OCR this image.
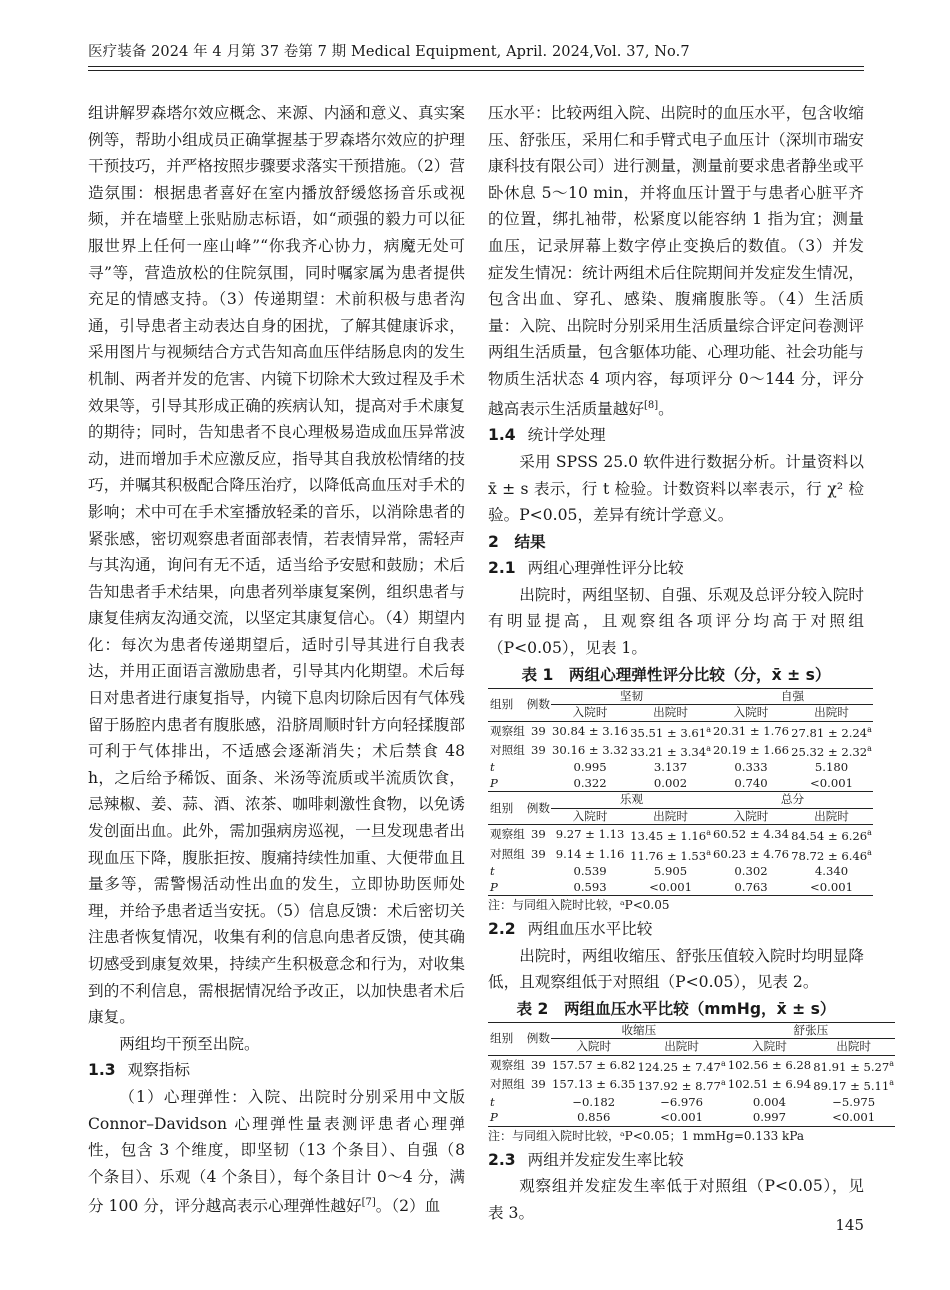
医疗装备 2024 年 4 月第 37 卷第 7 期 Medical Equipment, April. 2024,Vol. 37, No.7

组讲解罗森塔尔效应概念、来源、内涵和意义、真实案例等，帮助小组成员正确掌握基于罗森塔尔效应的护理干预技巧，并严格按照步骤要求落实干预措施。（2）营造氛围：根据患者喜好在室内播放舒缓悠扬音乐或视频，并在墙壁上张贴励志标语，如“顽强的毅力可以征服世界上任何一座山峰”“你我齐心协力，病魔无处可寻”等，营造放松的住院氛围，同时嘱家属为患者提供充足的情感支持。（3）传递期望：术前积极与患者沟通，引导患者主动表达自身的困扰，了解其健康诉求，采用图片与视频结合方式告知高血压伴结肠息肉的发生机制、两者并发的危害、内镜下切除术大致过程及手术效果等，引导其形成正确的疾病认知，提高对手术康复的期待；同时，告知患者不良心理极易造成血压异常波动，进而增加手术应激反应，指导其自我放松情绪的技巧，并嘱其积极配合降压治疗，以降低高血压对手术的影响；术中可在手术室播放轻柔的音乐，以消除患者的紧张感，密切观察患者面部表情，若表情异常，需轻声与其沟通，询问有无不适，适当给予安慰和鼓励；术后告知患者手术结果，向患者列举康复案例，组织患者与康复佳病友沟通交流，以坚定其康复信心。（4）期望内化：每次为患者传递期望后，适时引导其进行自我表达，并用正面语言激励患者，引导其内化期望。术后每日对患者进行康复指导，内镜下息肉切除后因有气体残留于肠腔内患者有腹胀感，沿脐周顺时针方向轻揉腹部可利于气体排出，不适感会逐渐消失；术后禁食 48 h，之后给予稀饭、面条、米汤等流质或半流质饮食，忌辣椒、姜、蒜、酒、浓茶、咖啡刺激性食物，以免诱发创面出血。此外，需加强病房巡视，一旦发现患者出现血压下降，腹胀拒按、腹痛持续性加重、大便带血且量多等，需警惕活动性出血的发生，立即协助医师处理，并给予患者适当安抚。（5）信息反馈：术后密切关注患者恢复情况，收集有利的信息向患者反馈，使其确切感受到康复效果，持续产生积极意念和行为，对收集到的不利信息，需根据情况给予改正，以加快患者术后康复。

两组均干预至出院。

1.3 观察指标

（1）心理弹性：入院、出院时分别采用中文版 Connor–Davidson 心理弹性量表测评患者心理弹性，包含 3 个维度，即坚韧（13 个条目）、自强（8 个条目）、乐观（4 个条目），每个条目计 0～4 分，满分 100 分，评分越高表示心理弹性越好[7]。（2）血

压水平：比较两组入院、出院时的血压水平，包含收缩压、舒张压，采用仁和手臂式电子血压计（深圳市瑞安康科技有限公司）进行测量，测量前要求患者静坐或平卧休息 5～10 min，并将血压计置于与患者心脏平齐的位置，绑扎袖带，松紧度以能容纳 1 指为宜；测量血压，记录屏幕上数字停止变换后的数值。（3）并发症发生情况：统计两组术后住院期间并发症发生情况，包含出血、穿孔、感染、腹痛腹胀等。（4）生活质量：入院、出院时分别采用生活质量综合评定问卷测评两组生活质量，包含躯体功能、心理功能、社会功能与物质生活状态 4 项内容，每项评分 0～144 分，评分越高表示生活质量越好[8]。

1.4 统计学处理

采用 SPSS 25.0 软件进行数据分析。计量资料以 x̄ ± s 表示，行 t 检验。计数资料以率表示，行 χ² 检验。P<0.05，差异有统计学意义。

2　结果

2.1 两组心理弹性评分比较

出院时，两组坚韧、自强、乐观及总评分较入院时有明显提高，且观察组各项评分均高于对照组（P<0.05），见表 1。

表 1　两组心理弹性评分比较（分，x̄ ± s）
组别	例数	坚韧		自强	
		入院时	出院时	入院时	出院时
观察组	39	30.84 ± 3.16	35.51 ± 3.61$^a$	20.31 ± 1.76	27.81 ± 2.24$^a$
对照组	39	30.16 ± 3.32	33.21 ± 3.34$^a$	20.19 ± 1.66	25.32 ± 2.32$^a$
t		0.995	3.137	0.333	5.180
P		0.322	0.002	0.740	<0.001
组别	例数	乐观		总分	
		入院时	出院时	入院时	出院时
观察组	39	9.27 ± 1.13	13.45 ± 1.16$^a$	60.52 ± 4.34	84.54 ± 6.26$^a$
对照组	39	9.14 ± 1.16	11.76 ± 1.53$^a$	60.23 ± 4.76	78.72 ± 6.46$^a$
t		0.539	5.905	0.302	4.340
P		0.593	<0.001	0.763	<0.001
注：与同组入院时比较，ᵃP<0.05

2.2 两组血压水平比较

出院时，两组收缩压、舒张压值较入院时均明显降低，且观察组低于对照组（P<0.05），见表 2。

表 2　两组血压水平比较（mmHg，x̄ ± s）
组别	例数	收缩压		舒张压	
		入院时	出院时	入院时	出院时
观察组	39	157.57 ± 6.82	124.25 ± 7.47$^a$	102.56 ± 6.28	81.91 ± 5.27$^a$
对照组	39	157.13 ± 6.35	137.92 ± 8.77$^a$	102.51 ± 6.94	89.17 ± 5.11$^a$
t		−0.182	−6.976	0.004	−5.975
P		0.856	<0.001	0.997	<0.001
注：与同组入院时比较，ᵃP<0.05；1 mmHg=0.133 kPa

2.3 两组并发症发生率比较

观察组并发症发生率低于对照组（P<0.05），见表 3。

145
